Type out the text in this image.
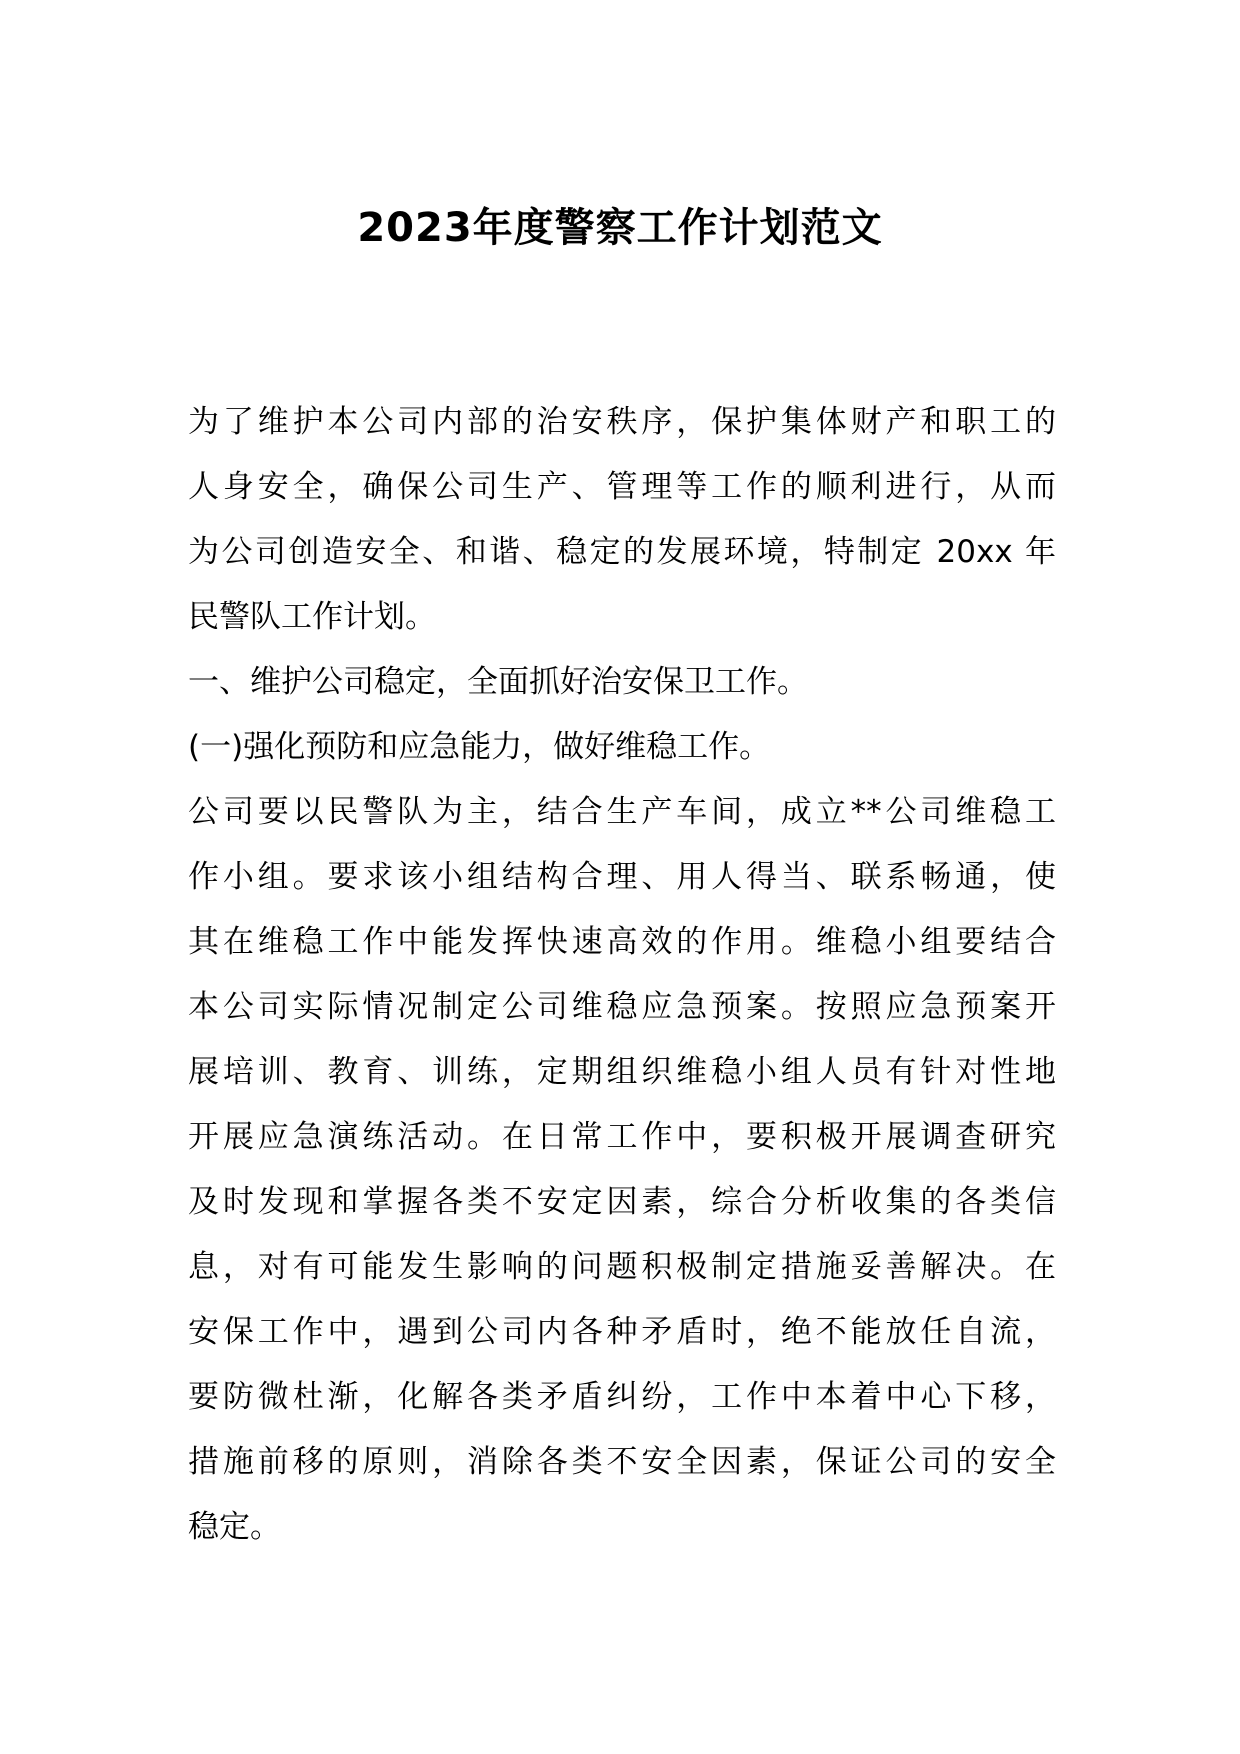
2023年度警察工作计划范文
为了维护本公司内部的治安秩序，保护集体财产和职工的
人身安全，确保公司生产、管理等工作的顺利进行，从而
为公司创造安全、和谐、稳定的发展环境，特制定 20xx 年
民警队工作计划。
一、维护公司稳定，全面抓好治安保卫工作。
(一)强化预防和应急能力，做好维稳工作。
公司要以民警队为主，结合生产车间，成立**公司维稳工
作小组。要求该小组结构合理、用人得当、联系畅通，使
其在维稳工作中能发挥快速高效的作用。维稳小组要结合
本公司实际情况制定公司维稳应急预案。按照应急预案开
展培训、教育、训练，定期组织维稳小组人员有针对性地
开展应急演练活动。在日常工作中，要积极开展调查研究
及时发现和掌握各类不安定因素，综合分析收集的各类信
息，对有可能发生影响的问题积极制定措施妥善解决。在
安保工作中，遇到公司内各种矛盾时，绝不能放任自流，
要防微杜渐，化解各类矛盾纠纷，工作中本着中心下移，
措施前移的原则，消除各类不安全因素，保证公司的安全
稳定。
